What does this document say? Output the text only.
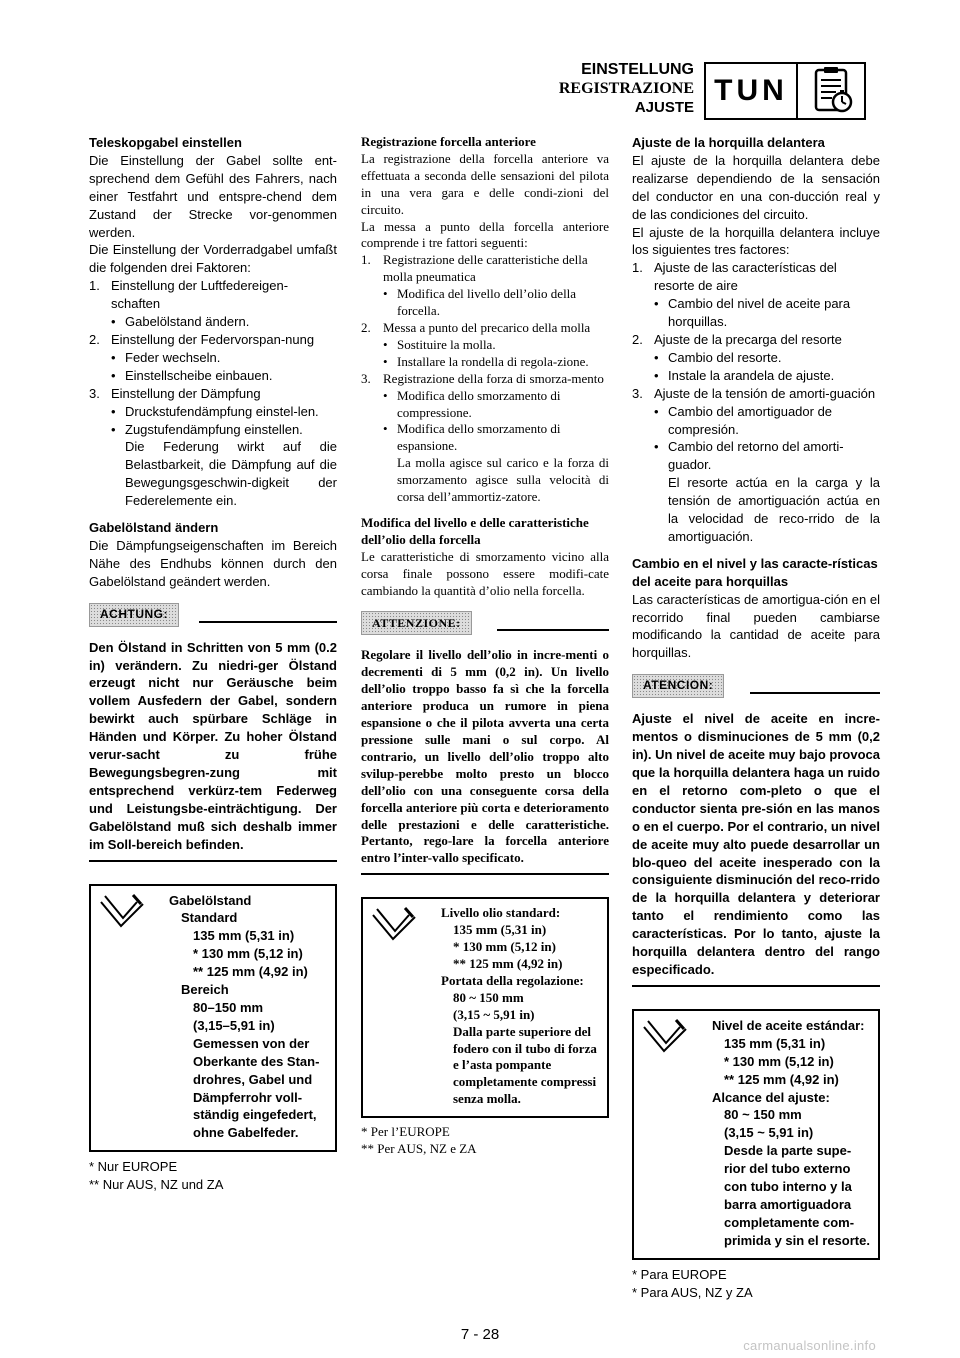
EINSTELLUNG
REGISTRAZIONE
AJUSTE
TUN

Teleskopgabel einstellen

Die Einstellung der Gabel sollte ent-sprechend dem Gefühl des Fahrers, nach einer Testfahrt und entspre-chend dem Zustand der Strecke vor-genommen werden.

Die Einstellung der Vorderradgabel umfaßt die folgenden drei Faktoren:

1. Einstellung der Luftfedereigen-schaften
• Gabelölstand ändern.
2. Einstellung der Federvorspan-nung
• Feder wechseln.
• Einstellscheibe einbauen.
3. Einstellung der Dämpfung
• Druckstufendämpfung einstel-len.
• Zugstufendämpfung einstellen.

Die Federung wirkt auf die Belastbarkeit, die Dämpfung auf die Bewegungsgeschwin-digkeit der Federelemente ein.

Gabelölstand ändern

Die Dämpfungseigenschaften im Bereich Nähe des Endhubs können durch den Gabelölstand geändert werden.

ACHTUNG:

Den Ölstand in Schritten von 5 mm (0.2 in) verändern. Zu niedri-ger Ölstand erzeugt nicht nur Geräusche beim vollem Ausfedern der Gabel, sondern bewirkt auch spürbare Schläge in Händen und Körper. Zu hoher Ölstand verur-sacht zu frühe Bewegungsbegren-zung mit entsprechend verkürz-tem Federweg und Leistungsbe-einträchtigung. Der Gabelölstand muß sich deshalb immer im Soll-bereich befinden.

Gabelölstand
Standard
135 mm (5,31 in)
* 130 mm (5,12 in)
** 125 mm (4,92 in)
Bereich
80–150 mm
(3,15–5,91 in)
Gemessen von der Oberkante des Stan-drohres, Gabel und Dämpferrohr voll-ständig eingefedert, ohne Gabelfeder.
* Nur EUROPE
** Nur AUS, NZ und ZA

Registrazione forcella anteriore

La registrazione della forcella anteriore va effettuata a seconda delle sensazioni del pilota in una vera gara e delle condi-zioni del circuito.

La messa a punto della forcella anteriore comprende i tre fattori seguenti:

1. Registrazione delle caratteristiche della molla pneumatica
• Modifica del livello dell’olio della forcella.
2. Messa a punto del precarico della molla
• Sostituire la molla.
• Installare la rondella di regola-zione.
3. Registrazione della forza di smorza-mento
• Modifica dello smorzamento di compressione.
• Modifica dello smorzamento di espansione.

La molla agisce sul carico e la forza di smorzamento agisce sulla velocità di corsa dell’ammortiz-zatore.

Modifica del livello e delle caratteristiche dell’olio della forcella

Le caratteristiche di smorzamento vicino alla corsa finale possono essere modifi-cate cambiando la quantità d’olio nella forcella.

ATTENZIONE:

Regolare il livello dell’olio in incre-menti o decrementi di 5 mm (0,2 in). Un livello dell’olio troppo basso fa sì che la forcella anteriore produca un rumore in piena espansione o che il pilota avverta una certa pressione sulle mani o sul corpo. Al contrario, un livello dell’olio troppo alto svilup-perebbe molto presto un blocco dell’olio con una conseguente corsa della forcella anteriore più corta e deterioramento delle prestazioni e delle caratteristiche. Pertanto, rego-lare la forcella anteriore entro l’inter-vallo specificato.

Livello olio standard:
135 mm (5,31 in)
* 130 mm (5,12 in)
** 125 mm (4,92 in)
Portata della regolazione:
80 ~ 150 mm
(3,15 ~ 5,91 in)
Dalla parte superiore del fodero con il tubo di forza e l’asta pompante completamente compressi senza molla.
* Per l’EUROPE
** Per AUS, NZ e ZA

Ajuste de la horquilla delantera

El ajuste de la horquilla delantera debe realizarse dependiendo de la sensación del conductor en una con-ducción real y de las condiciones del circuito.

El ajuste de la horquilla delantera incluye los siguientes tres factores:

1. Ajuste de las características del resorte de aire
• Cambio del nivel de aceite para horquillas.
2. Ajuste de la precarga del resorte
• Cambio del resorte.
• Instale la arandela de ajuste.
3. Ajuste de la tensión de amorti-guación
• Cambio del amortiguador de compresión.
• Cambio del retorno del amorti-guador.

El resorte actúa en la carga y la tensión de amortiguación actúa en la velocidad de reco-rrido de la amortiguación.

Cambio en el nivel y las caracte-rísticas del aceite para horquillas

Las características de amortigua-ción en el recorrido final pueden cambiarse modificando la cantidad de aceite para horquillas.

ATENCION:

Ajuste el nivel de aceite en incre-mentos o disminuciones de 5 mm (0,2 in). Un nivel de aceite muy bajo provoca que la horquilla delantera haga un ruido en el retorno com-pleto o que el conductor sienta pre-sión en las manos o en el cuerpo. Por el contrario, un nivel de aceite muy alto puede desarrollar un blo-queo del aceite inesperado con la consiguiente disminución del reco-rrido de la horquilla delantera y deteriorar tanto el rendimiento como las características. Por lo tanto, ajuste la horquilla delantera dentro del rango especificado.

Nivel de aceite estándar:
135 mm (5,31 in)
* 130 mm (5,12 in)
** 125 mm (4,92 in)
Alcance del ajuste:
80 ~ 150 mm
(3,15 ~ 5,91 in)
Desde la parte supe-rior del tubo externo con tubo interno y la barra amortiguadora completamente com-primida y sin el resorte.
* Para EUROPE
* Para AUS, NZ y ZA
7 - 28
carmanualsonline.info
